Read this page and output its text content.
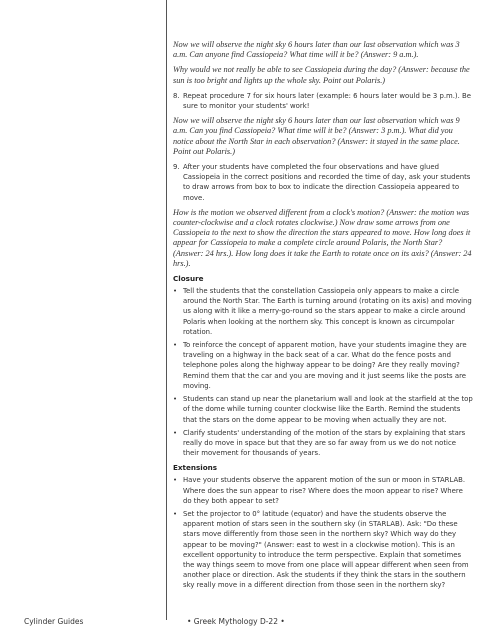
Now we will observe the night sky 6 hours later than our last observation which was 3 a.m. Can anyone find Cassiopeia? What time will it be? (Answer: 9 a.m.).

Why would we not really be able to see Cassiopeia during the day? (Answer: because the sun is too bright and lights up the whole sky. Point out Polaris.)

8. Repeat procedure 7 for six hours later (example: 6 hours later would be 3 p.m.). Be sure to monitor your students' work!

Now we will observe the night sky 6 hours later than our last observation which was 9 a.m. Can you find Cassiopeia? What time will it be? (Answer: 3 p.m.). What did you notice about the North Star in each observation? (Answer: it stayed in the same place. Point out Polaris.)

9. After your students have completed the four observations and have glued Cassiopeia in the correct positions and recorded the time of day, ask your students to draw arrows from box to box to indicate the direction Cassiopeia appeared to move.

How is the motion we observed different from a clock's motion? (Answer: the motion was counter-clockwise and a clock rotates clockwise.) Now draw some arrows from one Cassiopeia to the next to show the direction the stars appeared to move. How long does it appear for Cassiopeia to make a complete circle around Polaris, the North Star? (Answer: 24 hrs.). How long does it take the Earth to rotate once on its axis? (Answer: 24 hrs.).

Closure
• Tell the students that the constellation Cassiopeia only appears to make a circle around the North Star. The Earth is turning around (rotating on its axis) and moving us along with it like a merry-go-round so the stars appear to make a circle around Polaris when looking at the northern sky. This concept is known as circumpolar rotation.
• To reinforce the concept of apparent motion, have your students imagine they are traveling on a highway in the back seat of a car. What do the fence posts and telephone poles along the highway appear to be doing? Are they really moving? Remind them that the car and you are moving and it just seems like the posts are moving.
• Students can stand up near the planetarium wall and look at the starfield at the top of the dome while turning counter clockwise like the Earth. Remind the students that the stars on the dome appear to be moving when actually they are not.
• Clarify students' understanding of the motion of the stars by explaining that stars really do move in space but that they are so far away from us we do not notice their movement for thousands of years.
Extensions
• Have your students observe the apparent motion of the sun or moon in STARLAB. Where does the sun appear to rise? Where does the moon appear to rise? Where do they both appear to set?
• Set the projector to 0° latitude (equator) and have the students observe the apparent motion of stars seen in the southern sky (in STARLAB). Ask: "Do these stars move differently from those seen in the northern sky? Which way do they appear to be moving?" (Answer: east to west in a clockwise motion). This is an excellent opportunity to introduce the term perspective. Explain that sometimes the way things seem to move from one place will appear different when seen from another place or direction. Ask the students if they think the stars in the southern sky really move in a different direction from those seen in the northern sky?
Cylinder Guides	• Greek Mythology D-22 •
